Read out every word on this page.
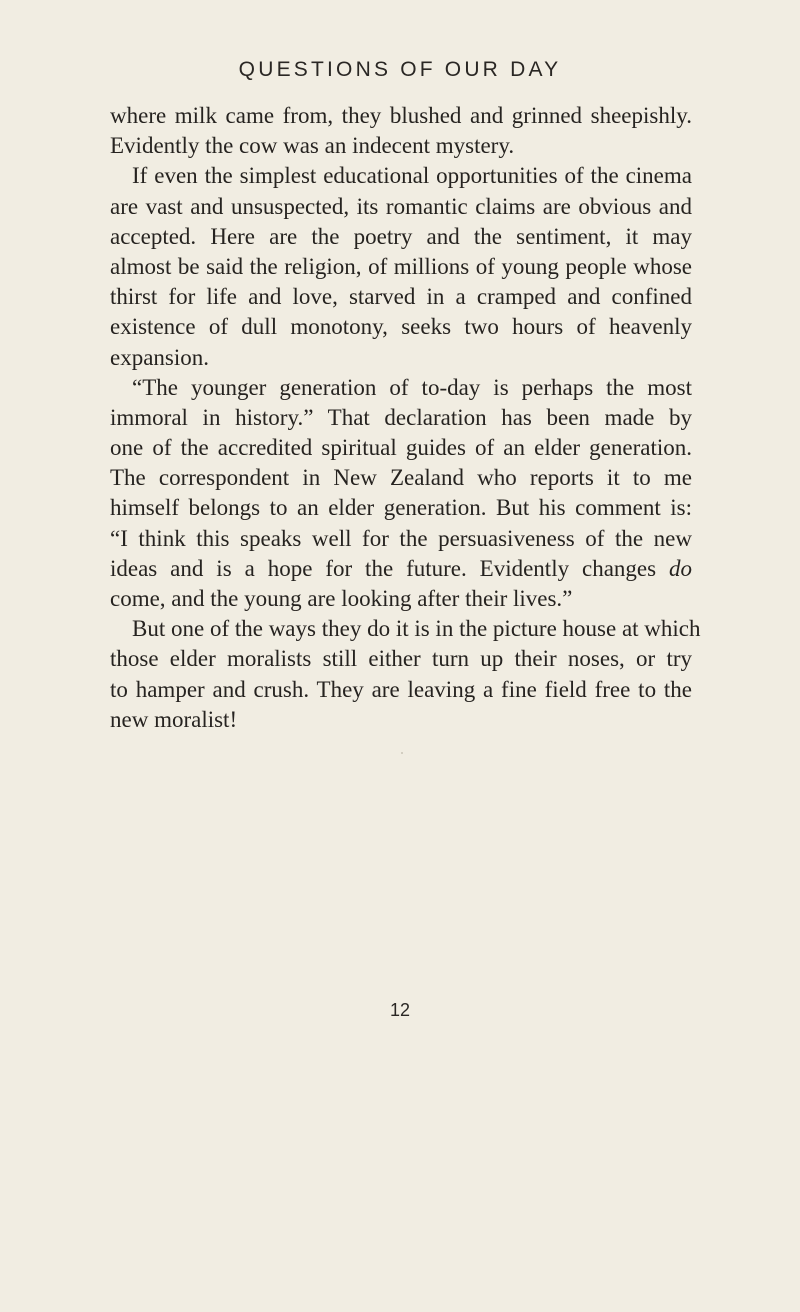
QUESTIONS OF OUR DAY
where milk came from, they blushed and grinned sheepishly.
Evidently the cow was an indecent mystery.
If even the simplest educational opportunities of the cinema
are vast and unsuspected, its romantic claims are obvious and
accepted. Here are the poetry and the sentiment, it may
almost be said the religion, of millions of young people whose
thirst for life and love, starved in a cramped and confined
existence of dull monotony, seeks two hours of heavenly
expansion.
“The younger generation of to-day is perhaps the most
immoral in history.” That declaration has been made by
one of the accredited spiritual guides of an elder generation.
The correspondent in New Zealand who reports it to me
himself belongs to an elder generation. But his comment is:
“I think this speaks well for the persuasiveness of the new
ideas and is a hope for the future. Evidently changes do
come, and the young are looking after their lives.”
But one of the ways they do it is in the picture house at which
those elder moralists still either turn up their noses, or try
to hamper and crush. They are leaving a fine field free to the
new moralist!
12
